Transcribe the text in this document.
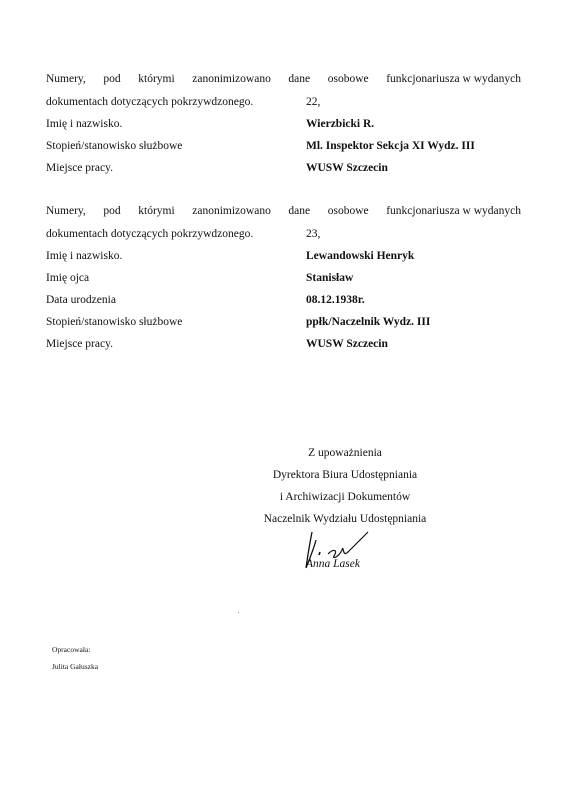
Numery, pod którymi zanonimizowano dane osobowe funkcjonariusza w wydanych
dokumentach dotyczących pokrzywdzonego.	22,
Imię i nazwisko.	Wierzbicki R.
Stopień/stanowisko służbowe	Ml. Inspektor Sekcja XI Wydz. III
Miejsce pracy.	WUSW Szczecin
Numery, pod którymi zanonimizowano dane osobowe funkcjonariusza w wydanych
dokumentach dotyczących pokrzywdzonego.	23,
Imię i nazwisko.	Lewandowski Henryk
Imię ojca	Stanisław
Data urodzenia	08.12.1938r.
Stopień/stanowisko służbowe	ppłk/Naczelnik Wydz. III
Miejsce pracy.	WUSW Szczecin
Z upoważnienia
Dyrektora Biura Udostępniania
i Archiwizacji Dokumentów
Naczelnik Wydziału Udostępniania
Anna Lasek
Opracowała:
Julita Gałuszka
